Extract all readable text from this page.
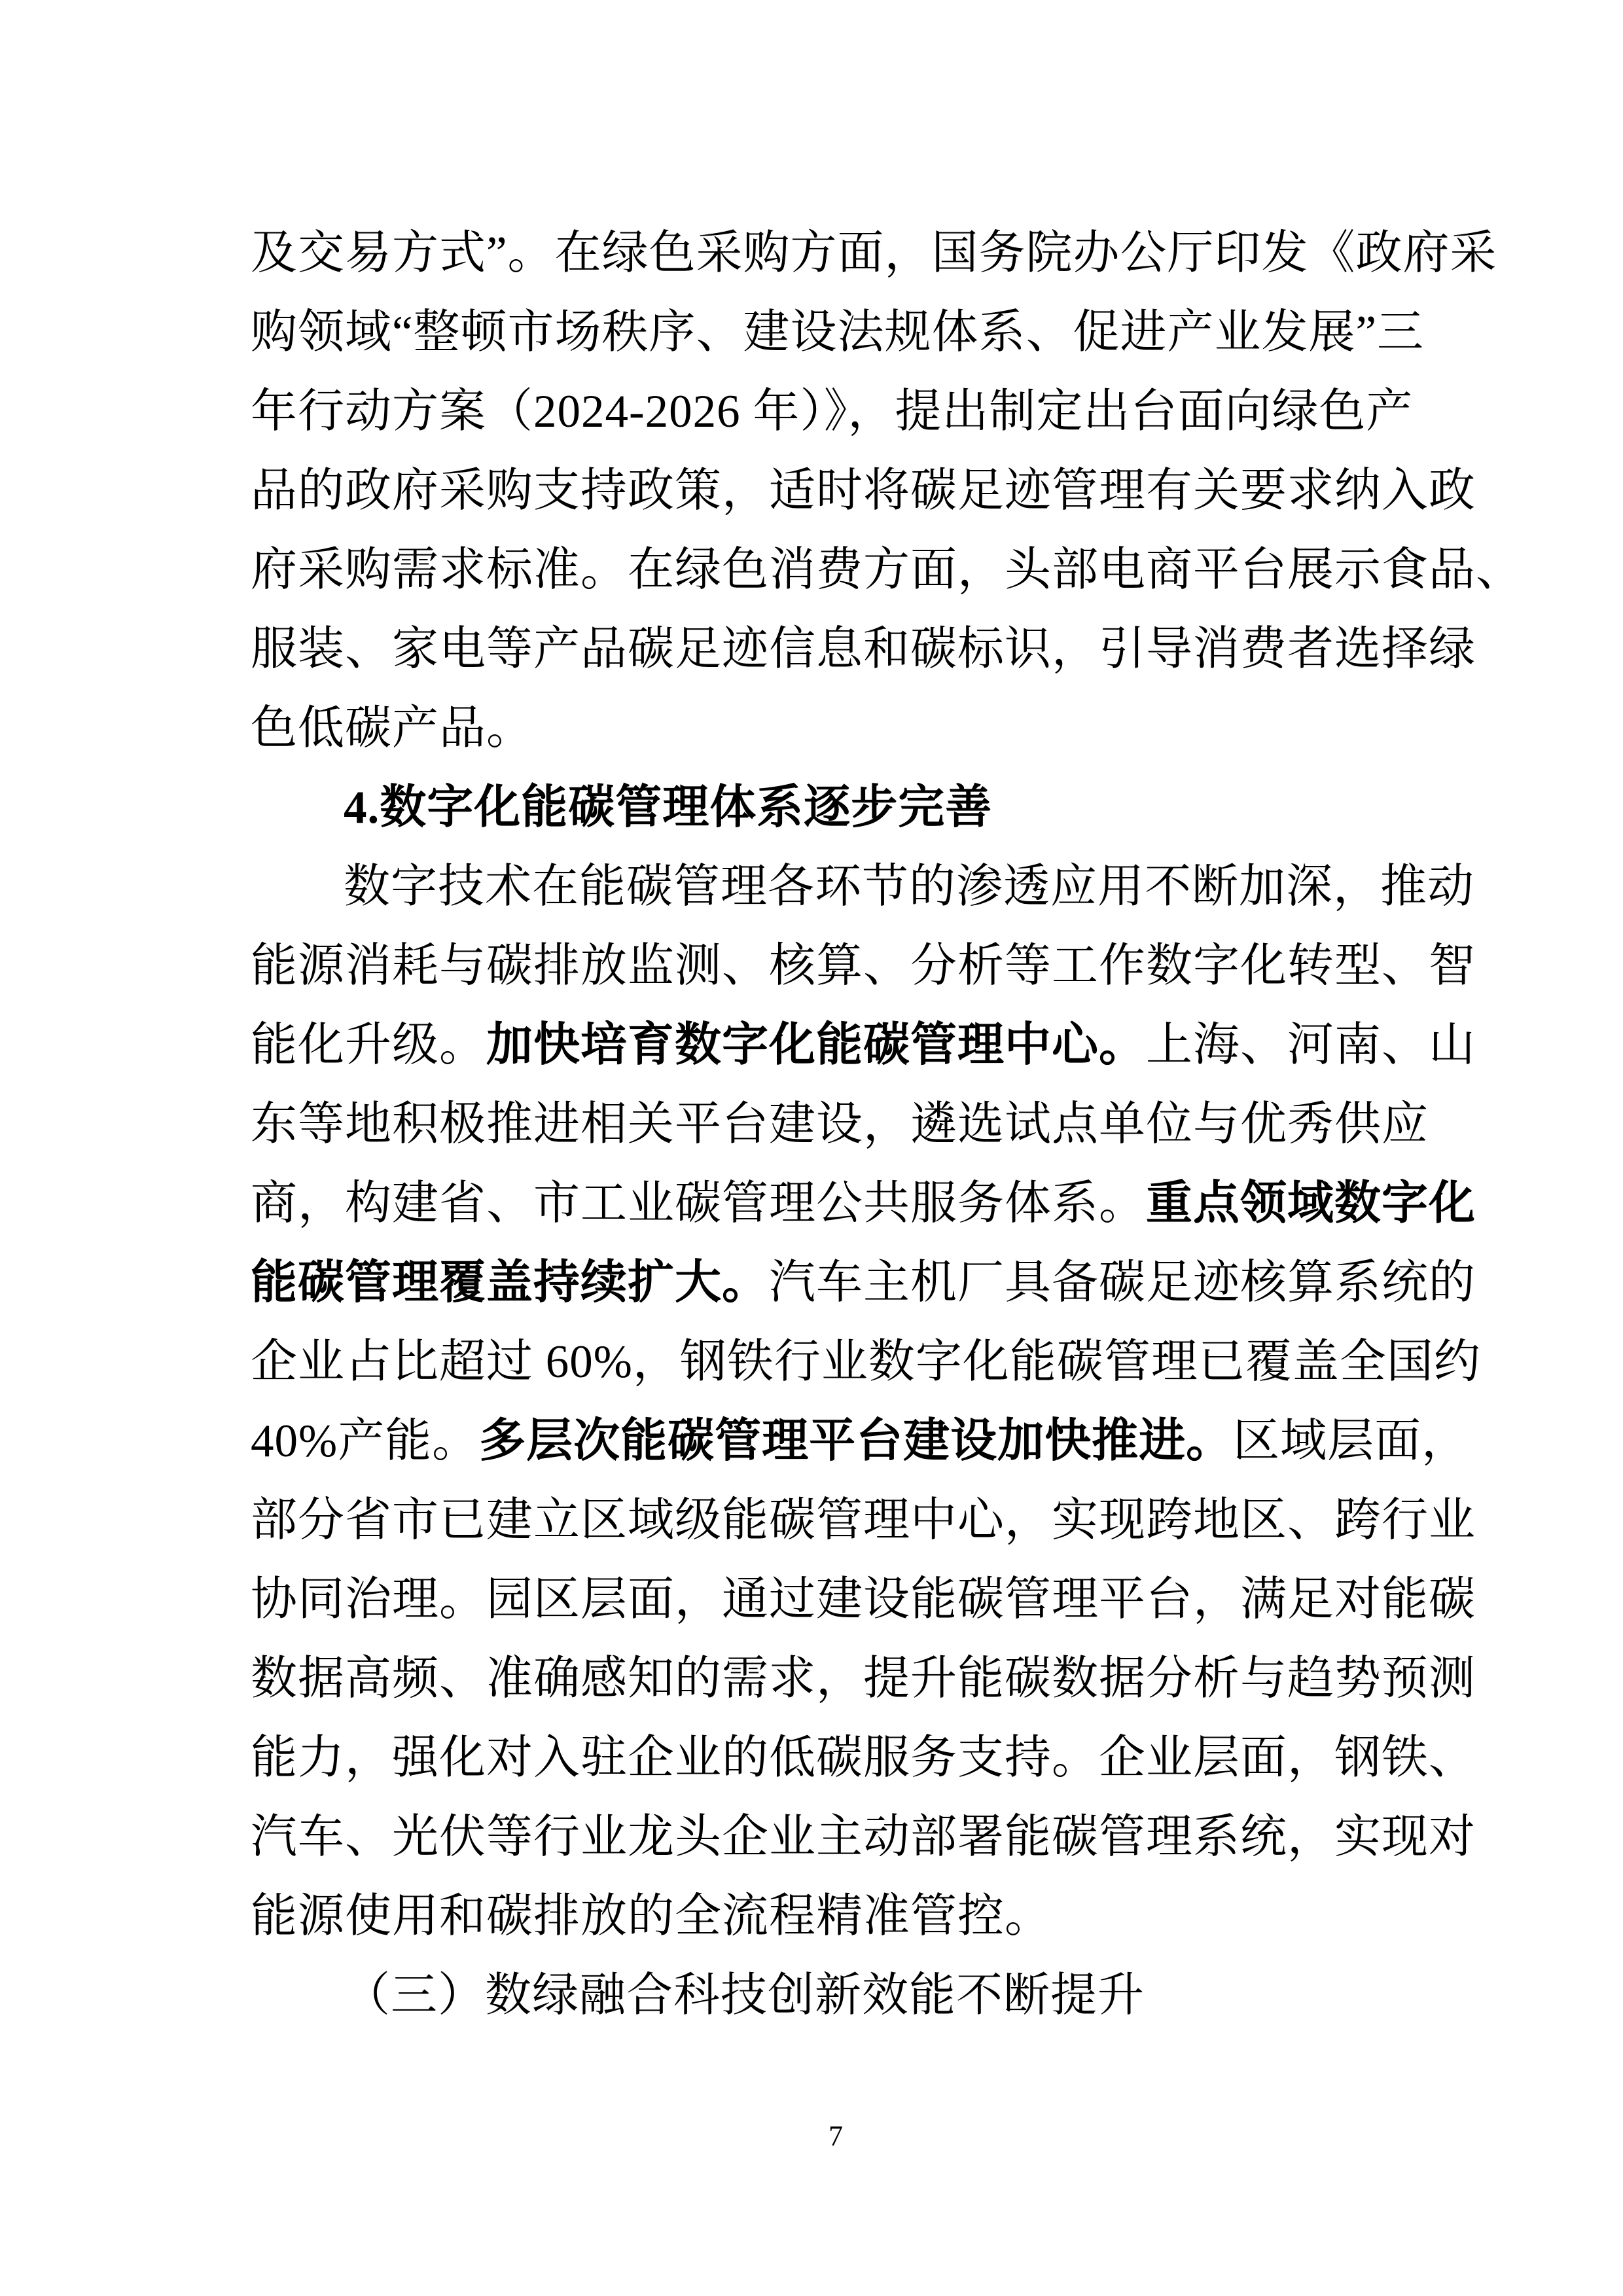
及交易方式”。在绿色采购方面，国务院办公厅印发《政府采
购领域“整顿市场秩序、建设法规体系、促进产业发展”三
年行动方案（2024-2026 年）》，提出制定出台面向绿色产
品的政府采购支持政策，适时将碳足迹管理有关要求纳入政
府采购需求标准。在绿色消费方面，头部电商平台展示食品、
服装、家电等产品碳足迹信息和碳标识，引导消费者选择绿
色低碳产品。
4.数字化能碳管理体系逐步完善
数字技术在能碳管理各环节的渗透应用不断加深，推动
能源消耗与碳排放监测、核算、分析等工作数字化转型、智
能化升级。加快培育数字化能碳管理中心。上海、河南、山
东等地积极推进相关平台建设，遴选试点单位与优秀供应
商，构建省、市工业碳管理公共服务体系。重点领域数字化
能碳管理覆盖持续扩大。汽车主机厂具备碳足迹核算系统的
企业占比超过 60%，钢铁行业数字化能碳管理已覆盖全国约
40%产能。多层次能碳管理平台建设加快推进。区域层面，
部分省市已建立区域级能碳管理中心，实现跨地区、跨行业
协同治理。园区层面，通过建设能碳管理平台，满足对能碳
数据高频、准确感知的需求，提升能碳数据分析与趋势预测
能力，强化对入驻企业的低碳服务支持。企业层面，钢铁、
汽车、光伏等行业龙头企业主动部署能碳管理系统，实现对
能源使用和碳排放的全流程精准管控。
（三）数绿融合科技创新效能不断提升
7
